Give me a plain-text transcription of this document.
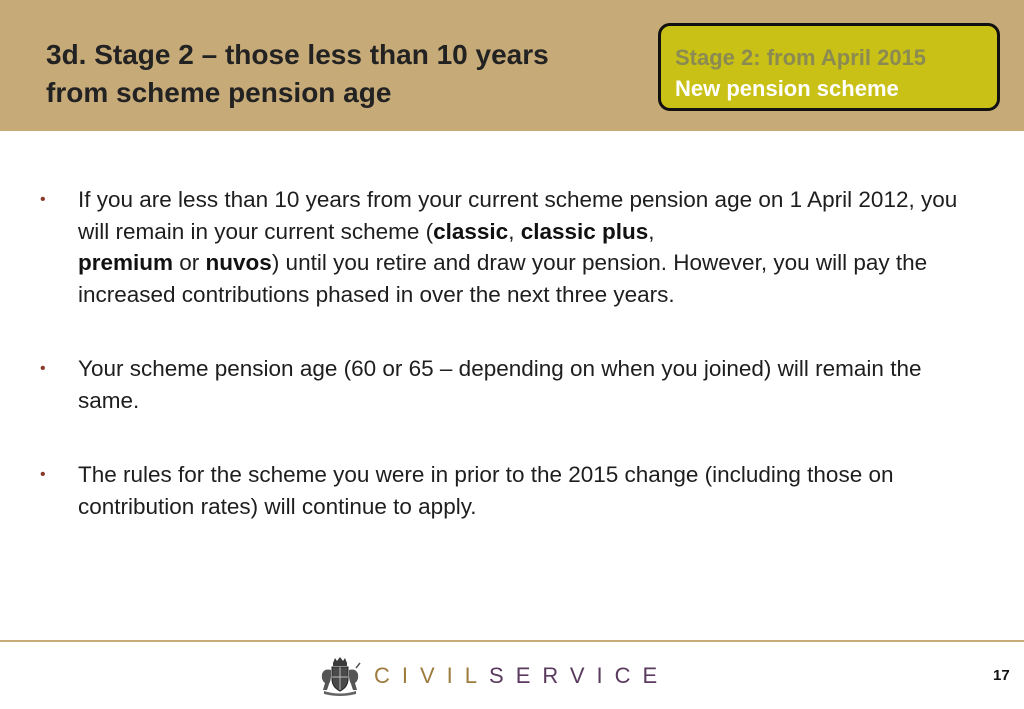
3d. Stage 2 – those less than 10 years
from scheme pension age
Stage 2: from April 2015
New pension scheme
• If you are less than 10 years from your current scheme pension age on 1 April 2012, you will remain in your current scheme (classic, classic plus,
premium or nuvos) until you retire and draw your pension. However, you will pay the increased contributions phased in over the next three years.
• Your scheme pension age (60 or 65 – depending on when you joined) will remain the same.
• The rules for the scheme you were in prior to the 2015 change (including those on contribution rates) will continue to apply.
CIVILSERVICE	17
